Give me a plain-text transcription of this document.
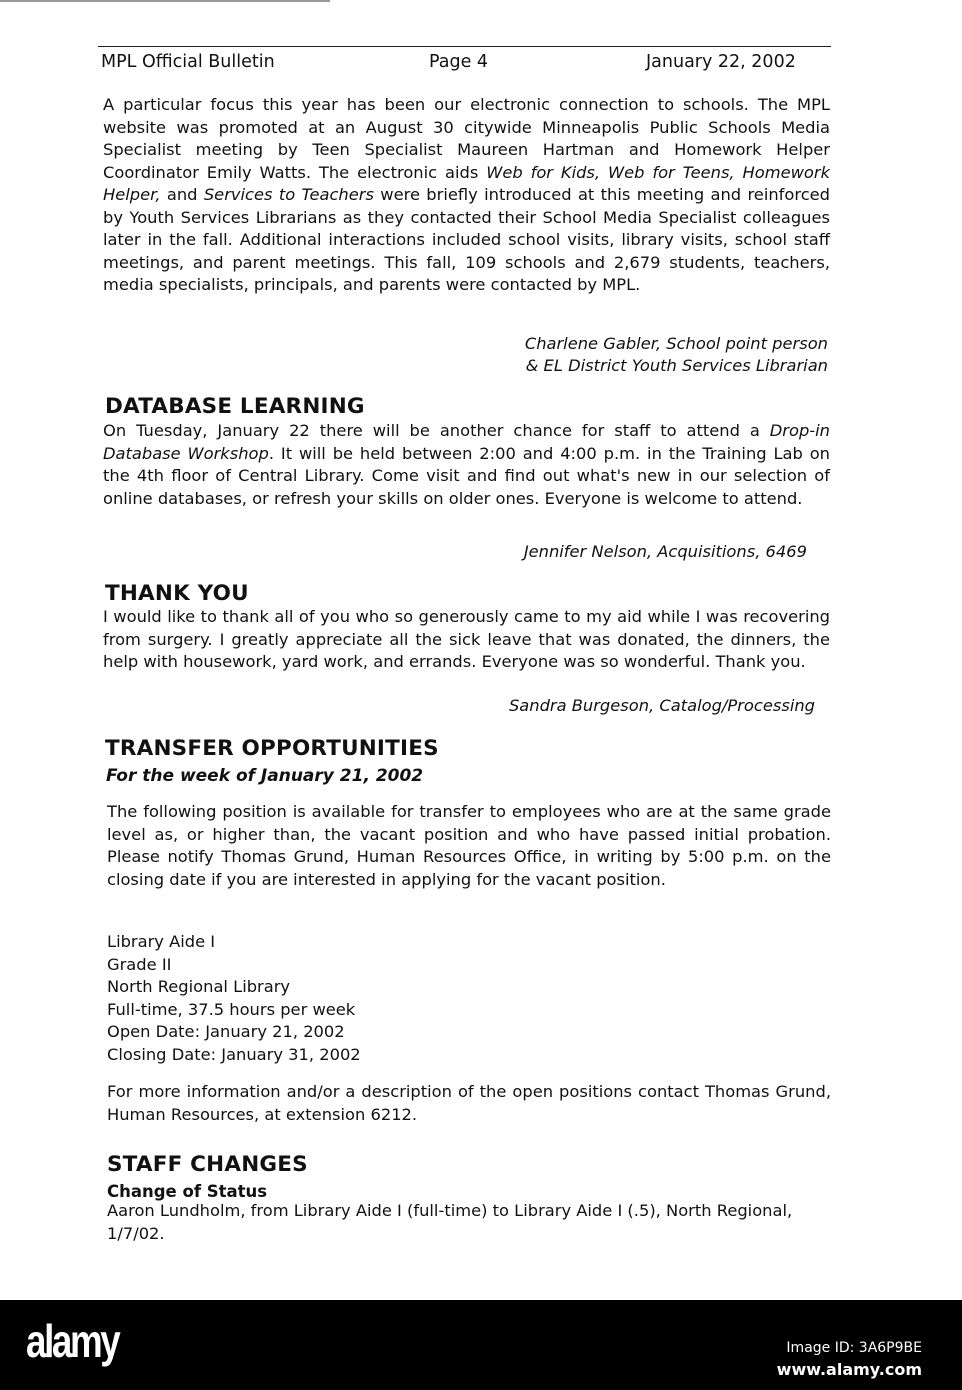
MPL Official Bulletin	Page 4	January 22, 2002
A particular focus this year has been our electronic connection to schools. The MPL website was promoted at an August 30 citywide Minneapolis Public Schools Media Specialist meeting by Teen Specialist Maureen Hartman and Homework Helper Coordinator Emily Watts. The electronic aids Web for Kids, Web for Teens, Homework Helper, and Services to Teachers were briefly introduced at this meeting and reinforced by Youth Services Librarians as they contacted their School Media Specialist colleagues later in the fall. Additional interactions included school visits, library visits, school staff meetings, and parent meetings. This fall, 109 schools and 2,679 students, teachers, media specialists, principals, and parents were contacted by MPL.
Charlene Gabler, School point person
& EL District Youth Services Librarian
DATABASE LEARNING
On Tuesday, January 22 there will be another chance for staff to attend a Drop-in Database Workshop. It will be held between 2:00 and 4:00 p.m. in the Training Lab on the 4th floor of Central Library. Come visit and find out what's new in our selection of online databases, or refresh your skills on older ones. Everyone is welcome to attend.
Jennifer Nelson, Acquisitions, 6469
THANK YOU
I would like to thank all of you who so generously came to my aid while I was recovering from surgery. I greatly appreciate all the sick leave that was donated, the dinners, the help with housework, yard work, and errands. Everyone was so wonderful. Thank you.
Sandra Burgeson, Catalog/Processing
TRANSFER OPPORTUNITIES
For the week of January 21, 2002
The following position is available for transfer to employees who are at the same grade level as, or higher than, the vacant position and who have passed initial probation. Please notify Thomas Grund, Human Resources Office, in writing by 5:00 p.m. on the closing date if you are interested in applying for the vacant position.
Library Aide I
Grade II
North Regional Library
Full-time, 37.5 hours per week
Open Date: January 21, 2002
Closing Date: January 31, 2002
For more information and/or a description of the open positions contact Thomas Grund, Human Resources, at extension 6212.
STAFF CHANGES
Change of Status
Aaron Lundholm, from Library Aide I (full-time) to Library Aide I (.5), North Regional, 1/7/02.
alamy	Image ID: 3A6P9BE
www.alamy.com
